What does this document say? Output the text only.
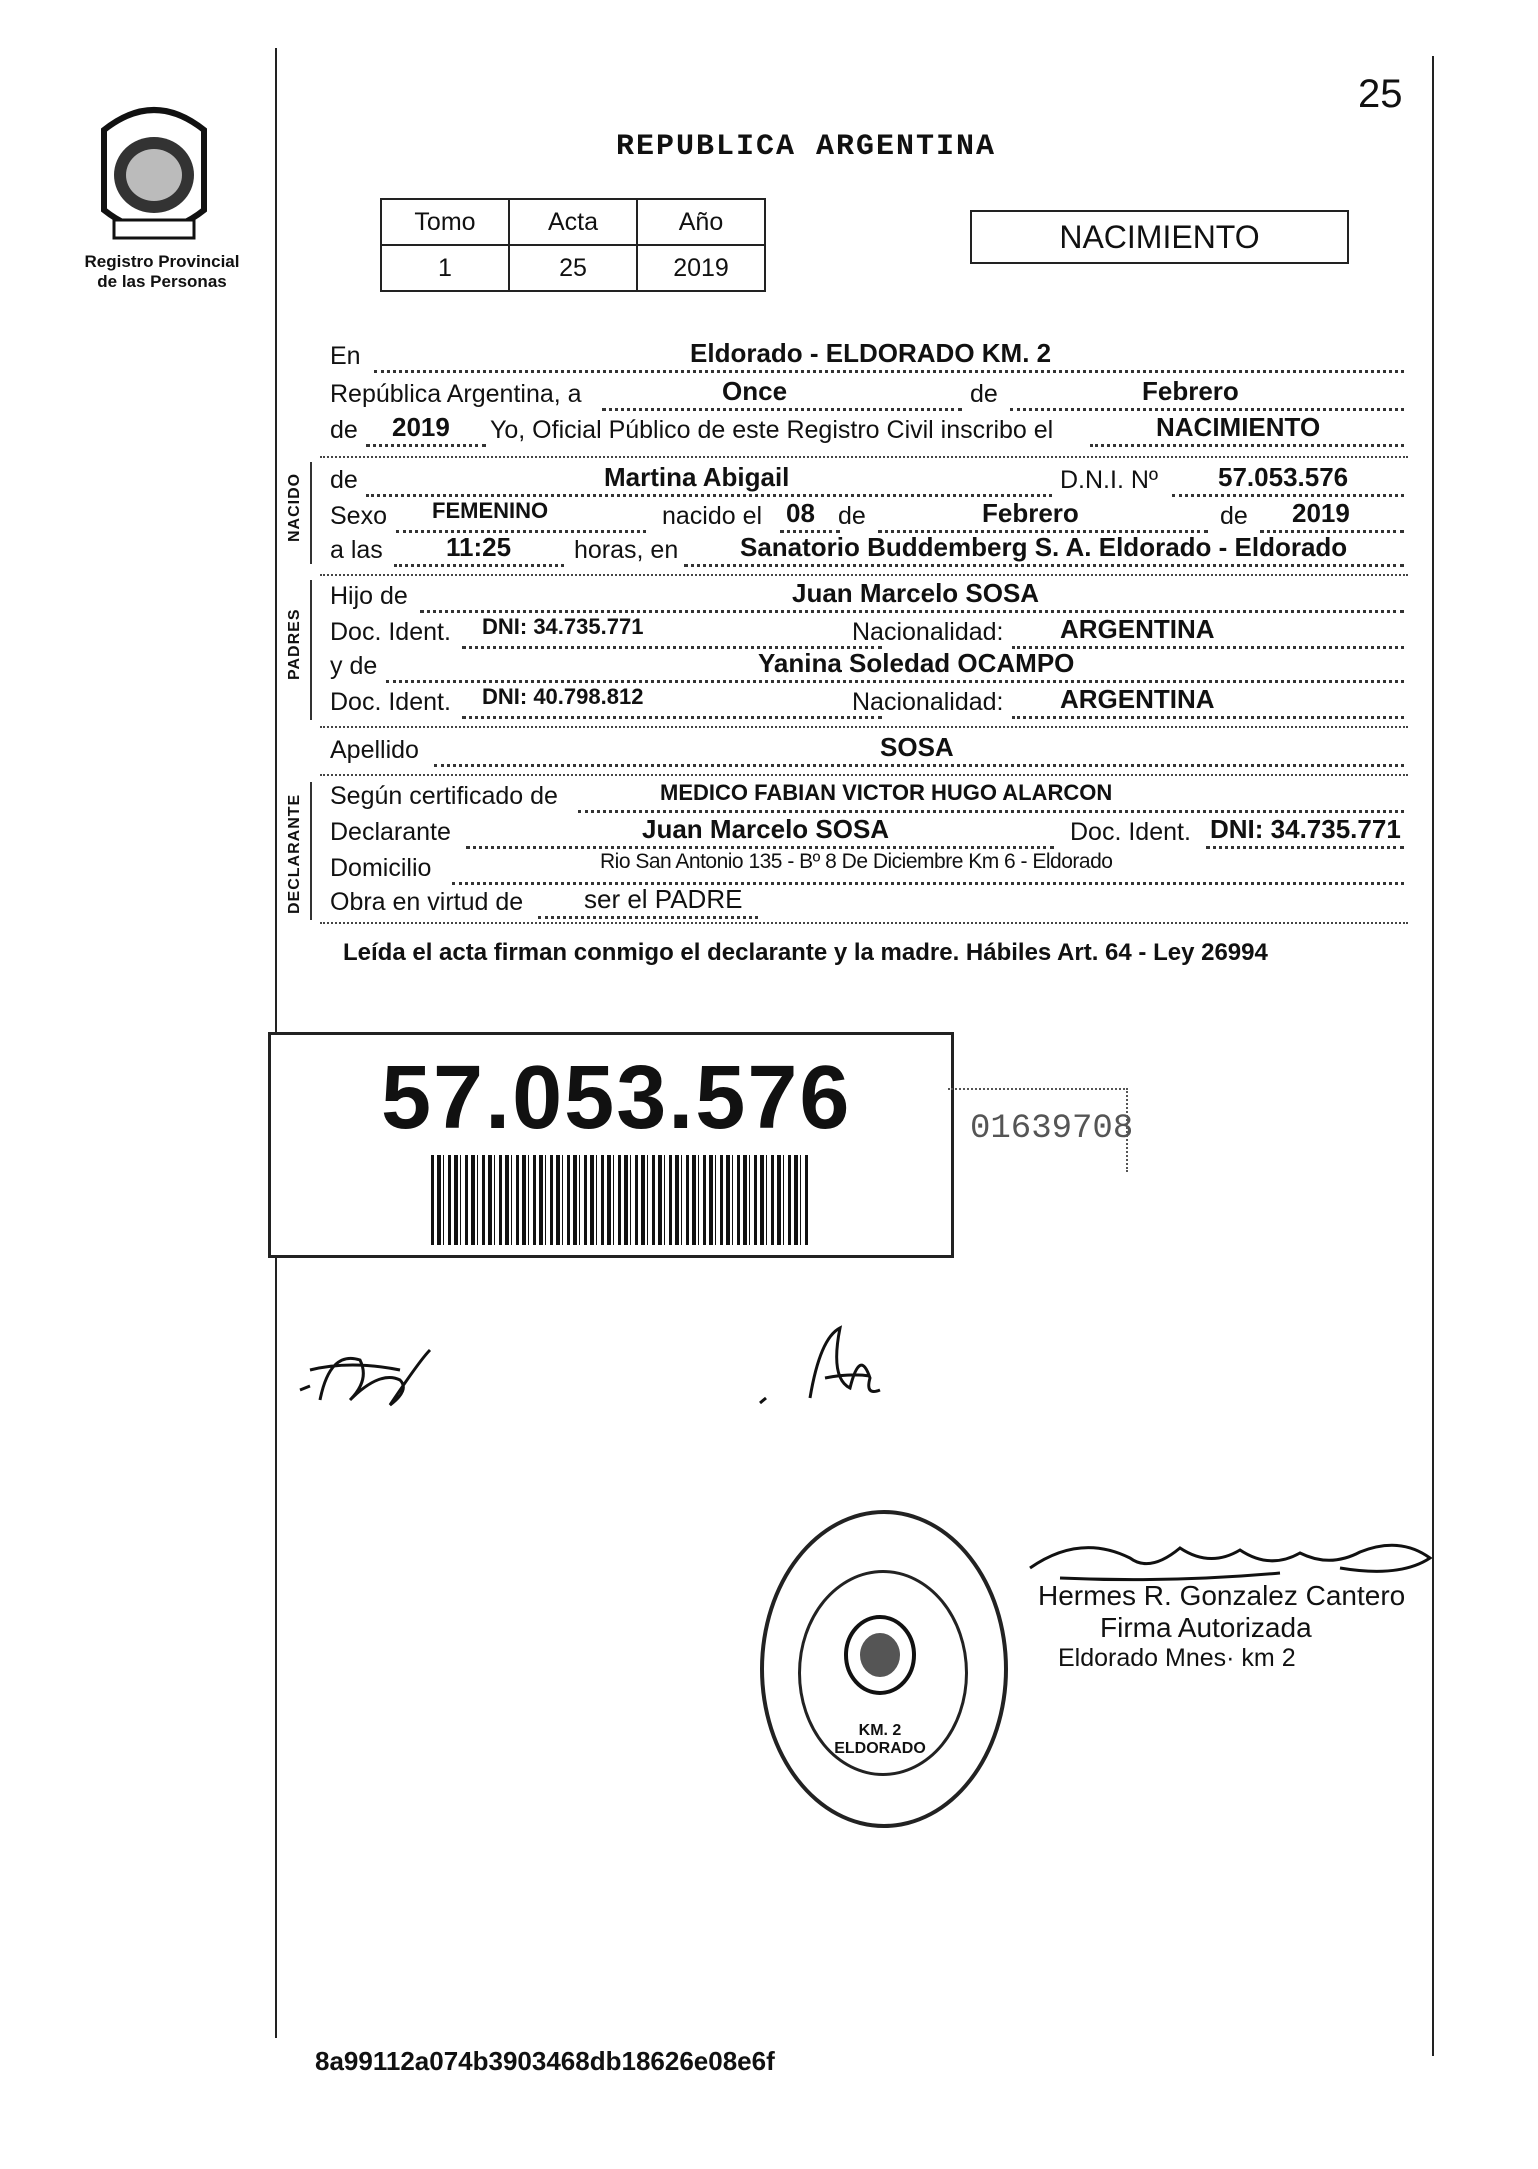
25
Registro Provincial
de las Personas
REPUBLICA ARGENTINA
Tomo	Acta	Año
1	25	2019
NACIMIENTO
En	Eldorado - ELDORADO KM. 2
República Argentina, a	Once	de	Febrero
de 2019 Yo, Oficial Público de este Registro Civil inscribo el	NACIMIENTO
NACIDO de	Martina Abigail	D.N.I. Nº 57.053.576
Sexo FEMENINO	nacido el 08 de	Febrero	de 2019
a las 11:25	horas, en Sanatorio Buddemberg S. A. Eldorado - Eldorado
PADRES
Hijo de	Juan Marcelo SOSA
Doc. Ident. DNI: 34.735.771	Nacionalidad: ARGENTINA
y de	Yanina Soledad OCAMPO
Doc. Ident. DNI: 40.798.812	Nacionalidad: ARGENTINA
Apellido	SOSA
DECLARANTE Según certificado de	MEDICO FABIAN VICTOR HUGO ALARCON
Declarante	Juan Marcelo SOSA	Doc. Ident. DNI: 34.735.771
Domicilio	Rio San Antonio 135 - Bº 8 De Diciembre Km 6 - Eldorado
Obra en virtud de ser el PADRE
Leída el acta firman conmigo el declarante y la madre. Hábiles Art. 64 - Ley 26994
57.053.576	01639708
KM. 2 ELDORADO
Hermes R. Gonzalez Cantero
Firma Autorizada
Eldorado Mnes· km 2
8a99112a074b3903468db18626e08e6f
